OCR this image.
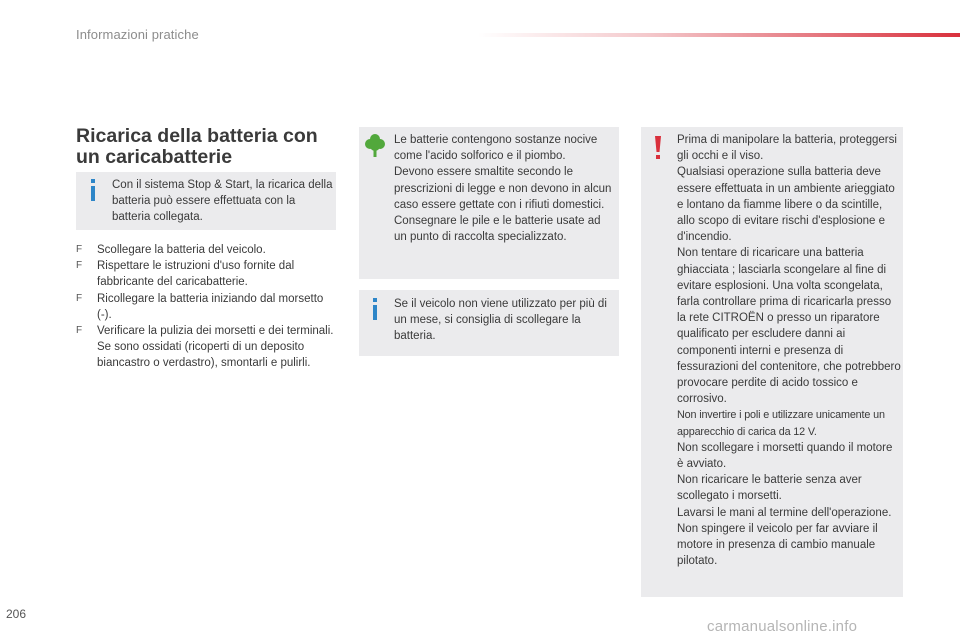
Informazioni pratiche
Ricarica della batteria con un caricabatterie
Con il sistema Stop & Start, la ricarica della batteria può essere effettuata con la batteria collegata.
F Scollegare la batteria del veicolo.
F Rispettare le istruzioni d'uso fornite dal fabbricante del caricabatterie.
F Ricollegare la batteria iniziando dal morsetto (-).
F Verificare la pulizia dei morsetti e dei terminali. Se sono ossidati (ricoperti di un deposito biancastro o verdastro), smontarli e pulirli.
Le batterie contengono sostanze nocive come l'acido solforico e il piombo.
Devono essere smaltite secondo le prescrizioni di legge e non devono in alcun caso essere gettate con i rifiuti domestici.
Consegnare le pile e le batterie usate ad un punto di raccolta specializzato.
Se il veicolo non viene utilizzato per più di un mese, si consiglia di scollegare la batteria.
Prima di manipolare la batteria, proteggersi gli occhi e il viso.
Qualsiasi operazione sulla batteria deve essere effettuata in un ambiente arieggiato e lontano da fiamme libere o da scintille, allo scopo di evitare rischi d'esplosione e d'incendio.
Non tentare di ricaricare una batteria ghiacciata ; lasciarla scongelare al fine di evitare esplosioni. Una volta scongelata, farla controllare prima di ricaricarla presso la rete CITROËN o presso un riparatore qualificato per escludere danni ai componenti interni e presenza di fessurazioni del contenitore, che potrebbero provocare perdite di acido tossico e corrosivo.
Non invertire i poli e utilizzare unicamente un apparecchio di carica da 12 V.
Non scollegare i morsetti quando il motore è avviato.
Non ricaricare le batterie senza aver scollegato i morsetti.
Lavarsi le mani al termine dell'operazione.
Non spingere il veicolo per far avviare il motore in presenza di cambio manuale pilotato.
206
carmanualsonline.info
